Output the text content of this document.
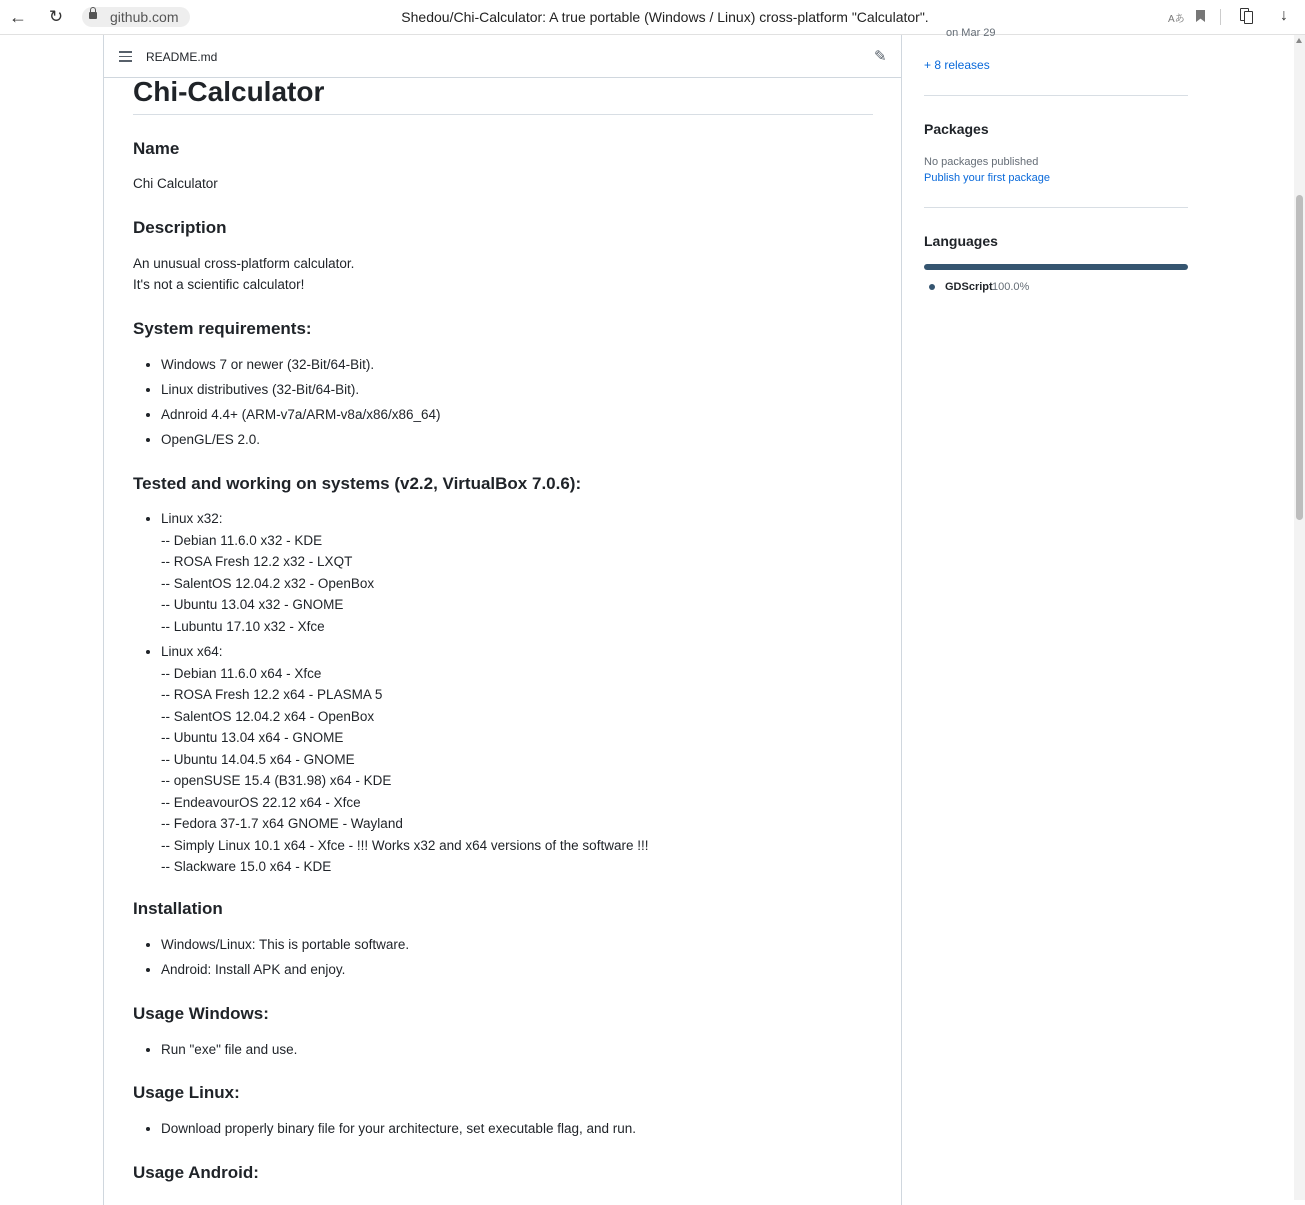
← ↻	github.com	Shedou/Chi-Calculator: A true portable (Windows / Linux) cross-platform "Calculator".	Aあ	↓
README.md	✎
Chi-Calculator
Name

Chi Calculator

Description

An unusual cross-platform calculator.

It's not a scientific calculator!

System requirements:
• Windows 7 or newer (32-Bit/64-Bit).
• Linux distributives (32-Bit/64-Bit).
• Adnroid 4.4+ (ARM-v7a/ARM-v8a/x86/x86_64)
• OpenGL/ES 2.0.
Tested and working on systems (v2.2, VirtualBox 7.0.6):
• Linux x32:
-- Debian 11.6.0 x32 - KDE
-- ROSA Fresh 12.2 x32 - LXQT
-- SalentOS 12.04.2 x32 - OpenBox
-- Ubuntu 13.04 x32 - GNOME
-- Lubuntu 17.10 x32 - Xfce
• Linux x64:
-- Debian 11.6.0 x64 - Xfce
-- ROSA Fresh 12.2 x64 - PLASMA 5
-- SalentOS 12.04.2 x64 - OpenBox
-- Ubuntu 13.04 x64 - GNOME
-- Ubuntu 14.04.5 x64 - GNOME
-- openSUSE 15.4 (B31.98) x64 - KDE
-- EndeavourOS 22.12 x64 - Xfce
-- Fedora 37-1.7 x64 GNOME - Wayland
-- Simply Linux 10.1 x64 - Xfce - !!! Works x32 and x64 versions of the software !!!
-- Slackware 15.0 x64 - KDE
Installation
• Windows/Linux: This is portable software.
• Android: Install APK and enjoy.
Usage Windows:
• Run "exe" file and use.
Usage Linux:
• Download properly binary file for your architecture, set executable flag, and run.
Usage Android:
on Mar 29
+ 8 releases
Packages
No packages published
Publish your first package
Languages
GDScript 100.0%
